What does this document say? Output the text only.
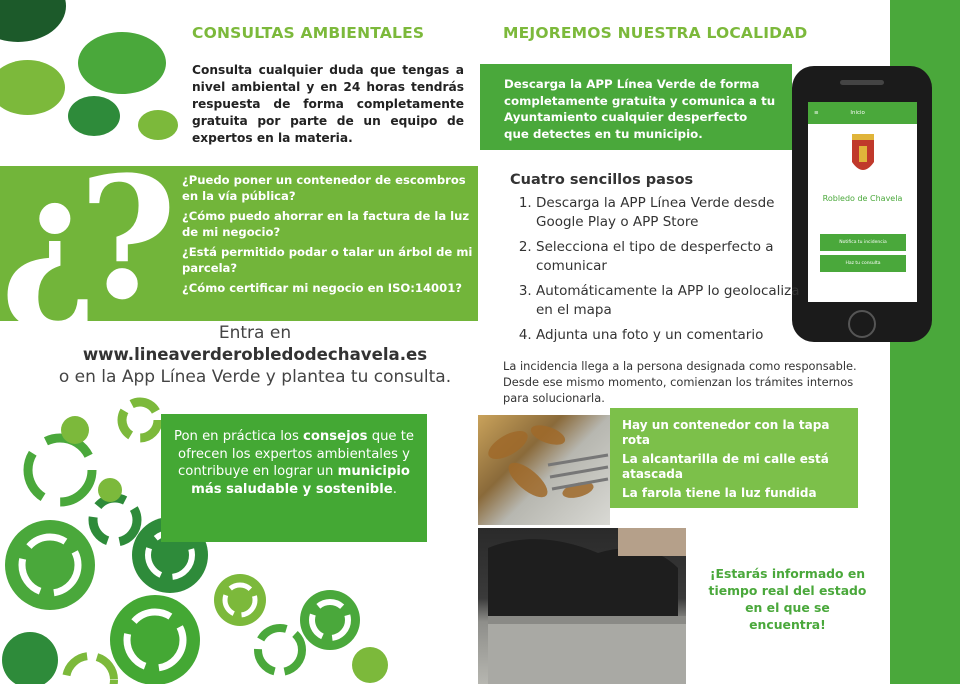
CONSULTAS AMBIENTALES
Consulta cualquier duda que tengas a nivel ambiental y en 24 horas tendrás respuesta de forma completamente gratuita por parte de un equipo de expertos en la materia.
¿? ¿Puedo poner un contenedor de escombros en la vía pública?

¿Cómo puedo ahorrar en la factura de la luz de mi negocio?

¿Está permitido podar o talar un árbol de mi parcela?

¿Cómo certificar mi negocio en ISO:14001?

Entra en
www.lineaverderobledodechavela.es
o en la App Línea Verde y plantea tu consulta.
Pon en práctica los consejos que te ofrecen los expertos ambientales y contribuye en lograr un municipio más saludable y sostenible.
MEJOREMOS NUESTRA LOCALIDAD
Descarga la APP Línea Verde de forma completamente gratuita y comunica a tu Ayuntamiento cualquier desperfecto que detectes en tu municipio.
≡	Inicio
Robledo de Chavela
Notifica tu incidencia
Haz tu consulta
Cuatro sencillos pasos
1. Descarga la APP Línea Verde desde Google Play o APP Store
2. Selecciona el tipo de desperfecto a comunicar
3. Automáticamente la APP lo geolocaliza en el mapa
4. Adjunta una foto y un comentario
La incidencia llega a la persona designada como responsable. Desde ese mismo momento, comienzan los trámites internos para solucionarla.

Hay un contenedor con la tapa rota

La alcantarilla de mi calle está atascada

La farola tiene la luz fundida

¡Estarás informado en tiempo real del estado en el que se encuentra!
